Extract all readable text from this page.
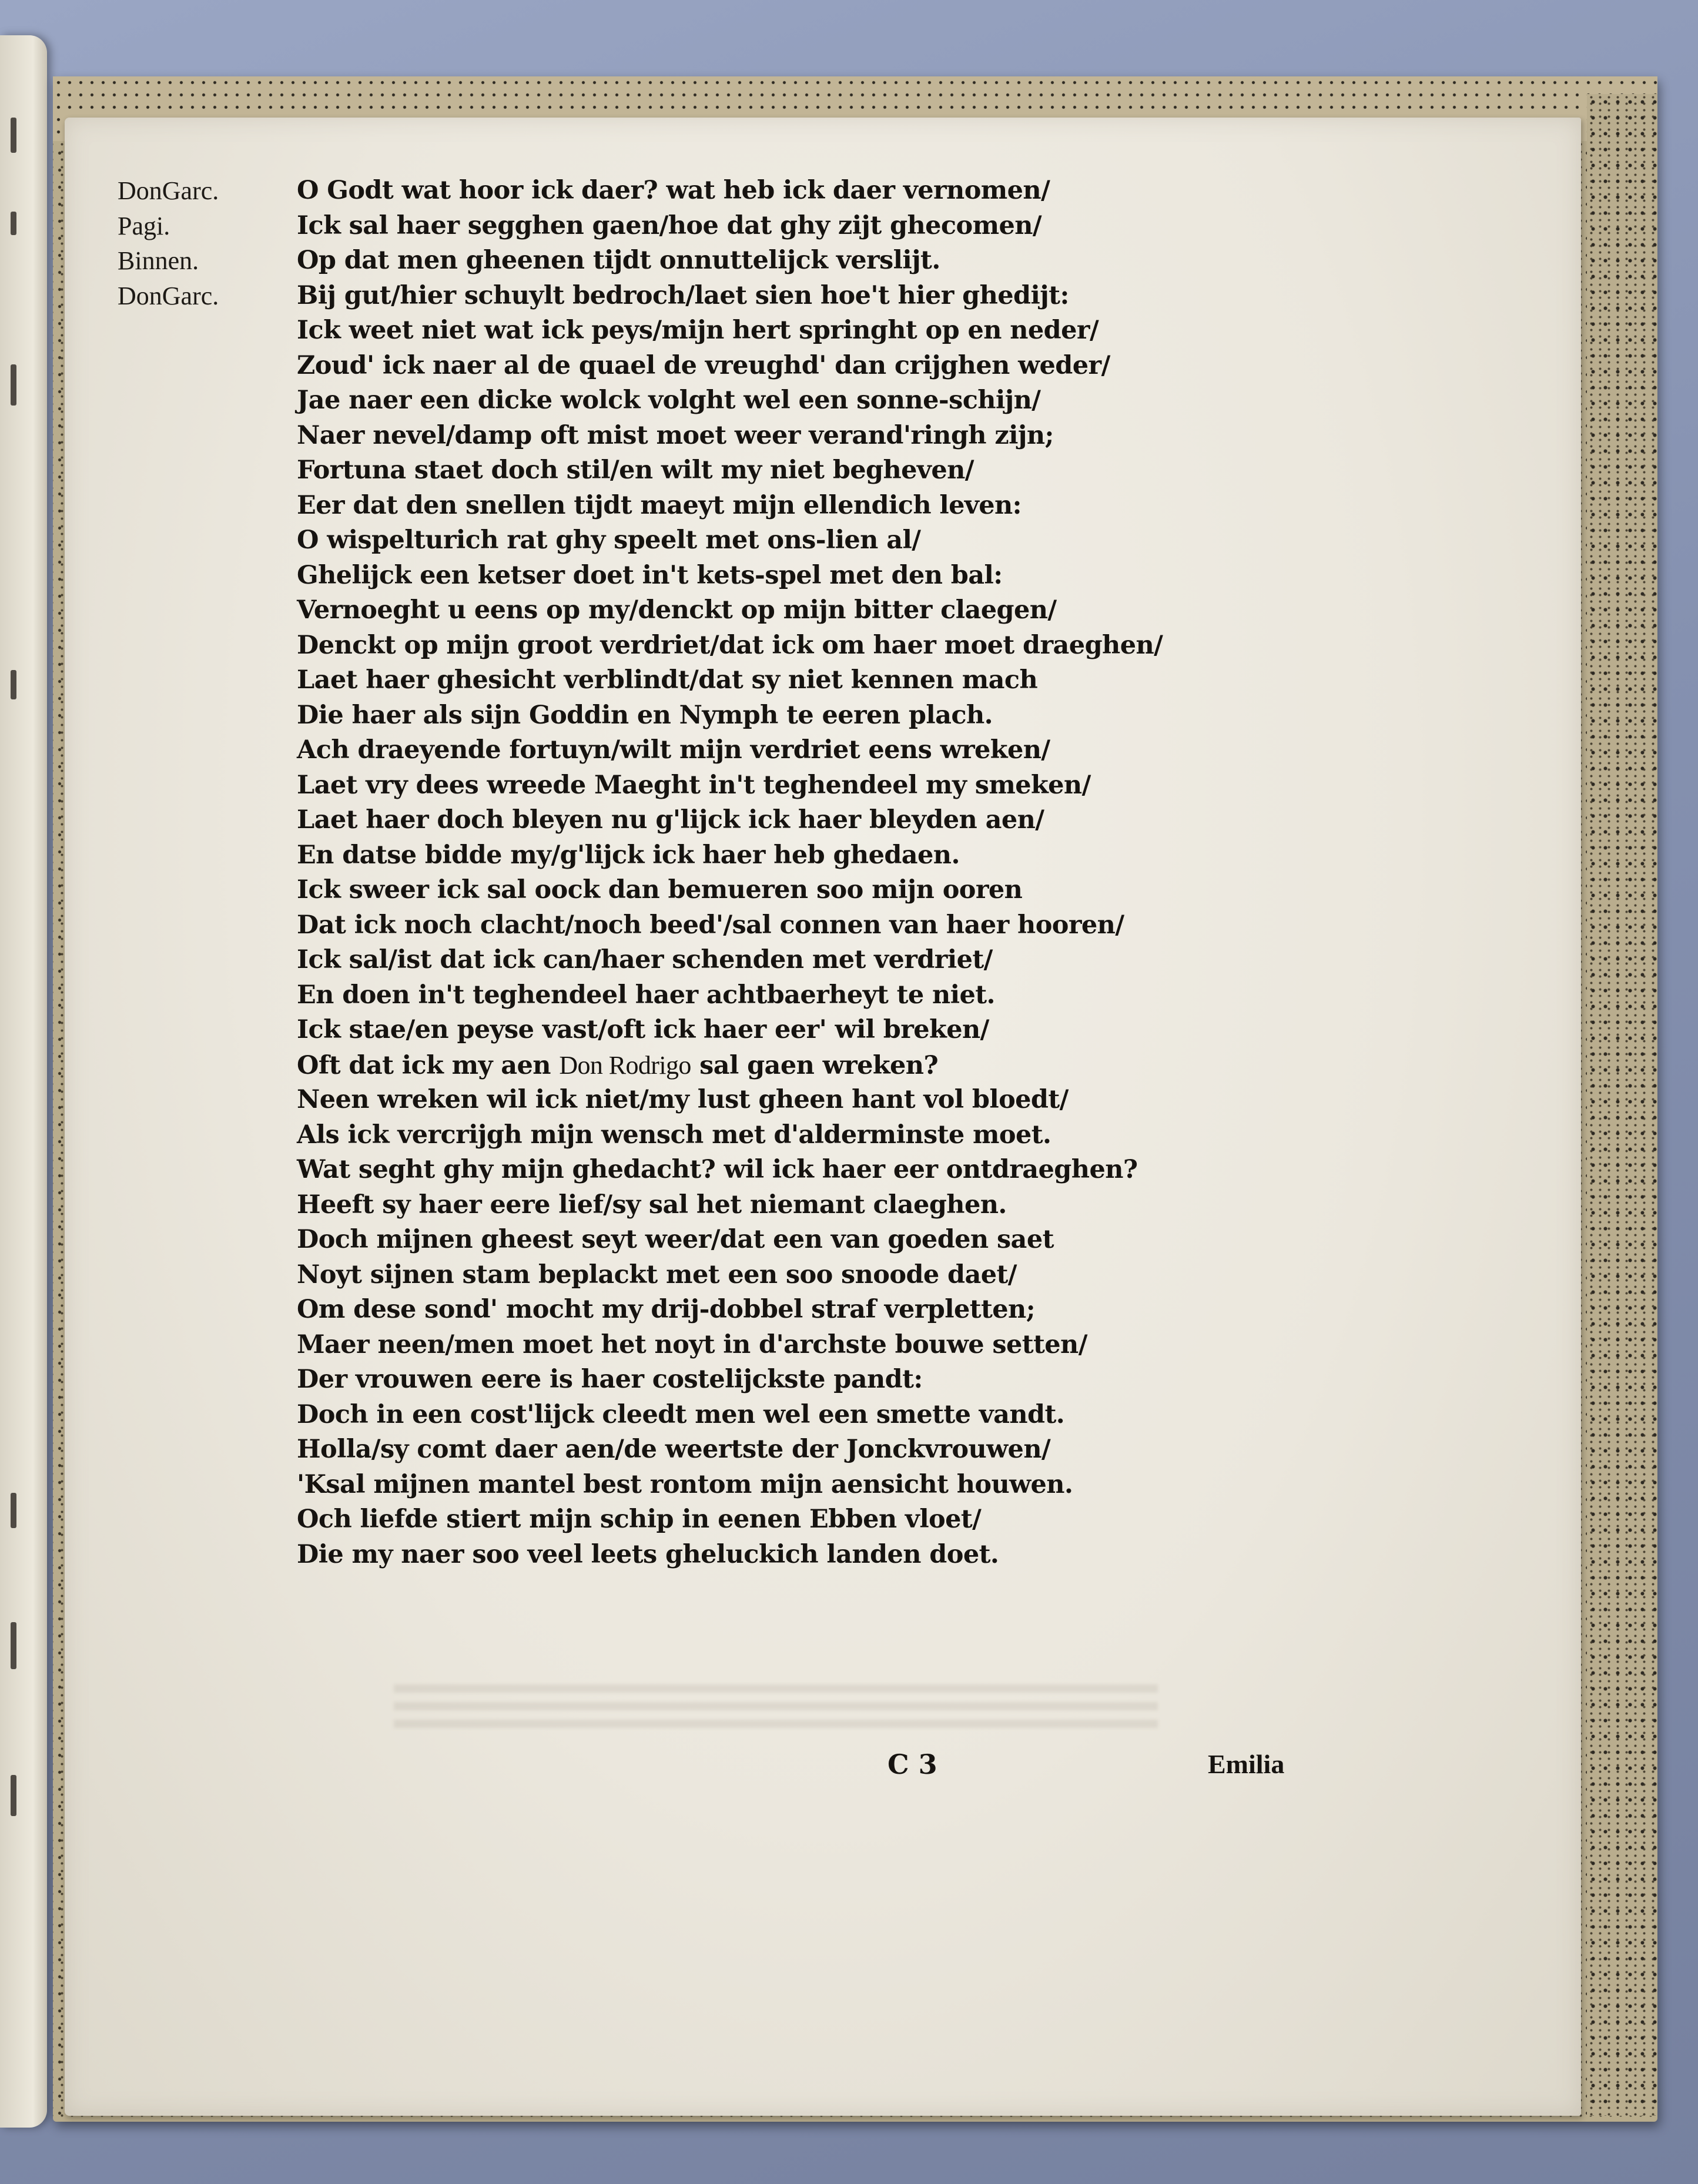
DonGarc.	O Godt wat hoor ick daer? wat heb ick daer vernomen/
Pagi.	Ick sal haer segghen gaen/hoe dat ghy zijt ghecomen/
Binnen.	Op dat men gheenen tijdt onnuttelijck verslijt.
DonGarc.	Bij gut/hier schuylt bedroch/laet sien hoe't hier ghedijt:
Ick weet niet wat ick peys/mijn hert springht op en neder/
Zoud' ick naer al de quael de vreughd' dan crijghen weder/
Jae naer een dicke wolck volght wel een sonne-schijn/
Naer nevel/damp oft mist moet weer verand'ringh zijn;
Fortuna staet doch stil/en wilt my niet begheven/
Eer dat den snellen tijdt maeyt mijn ellendich leven:
O wispelturich rat ghy speelt met ons-lien al/
Ghelijck een ketser doet in't kets-spel met den bal:
Vernoeght u eens op my/denckt op mijn bitter claegen/
Denckt op mijn groot verdriet/dat ick om haer moet draeghen/
Laet haer ghesicht verblindt/dat sy niet kennen mach
Die haer als sijn Goddin en Nymph te eeren plach.
Ach draeyende fortuyn/wilt mijn verdriet eens wreken/
Laet vry dees wreede Maeght in't teghendeel my smeken/
Laet haer doch bleyen nu g'lijck ick haer bleyden aen/
En datse bidde my/g'lijck ick haer heb ghedaen.
Ick sweer ick sal oock dan bemueren soo mijn ooren
Dat ick noch clacht/noch beed'/sal connen van haer hooren/
Ick sal/ist dat ick can/haer schenden met verdriet/
En doen in't teghendeel haer achtbaerheyt te niet.
Ick stae/en peyse vast/oft ick haer eer' wil breken/
Oft dat ick my aen Don Rodrigo sal gaen wreken?
Neen wreken wil ick niet/my lust gheen hant vol bloedt/
Als ick vercrijgh mijn wensch met d'alderminste moet.
Wat seght ghy mijn ghedacht? wil ick haer eer ontdraeghen?
Heeft sy haer eere lief/sy sal het niemant claeghen.
Doch mijnen gheest seyt weer/dat een van goeden saet
Noyt sijnen stam beplackt met een soo snoode daet/
Om dese sond' mocht my drij-dobbel straf verpletten;
Maer neen/men moet het noyt in d'archste bouwe setten/
Der vrouwen eere is haer costelijckste pandt:
Doch in een cost'lijck cleedt men wel een smette vandt.
Holla/sy comt daer aen/de weertste der Jonckvrouwen/
'Ksal mijnen mantel best rontom mijn aensicht houwen.
Och liefde stiert mijn schip in eenen Ebben vloet/
Die my naer soo veel leets gheluckich landen doet.
C 3	Emilia
